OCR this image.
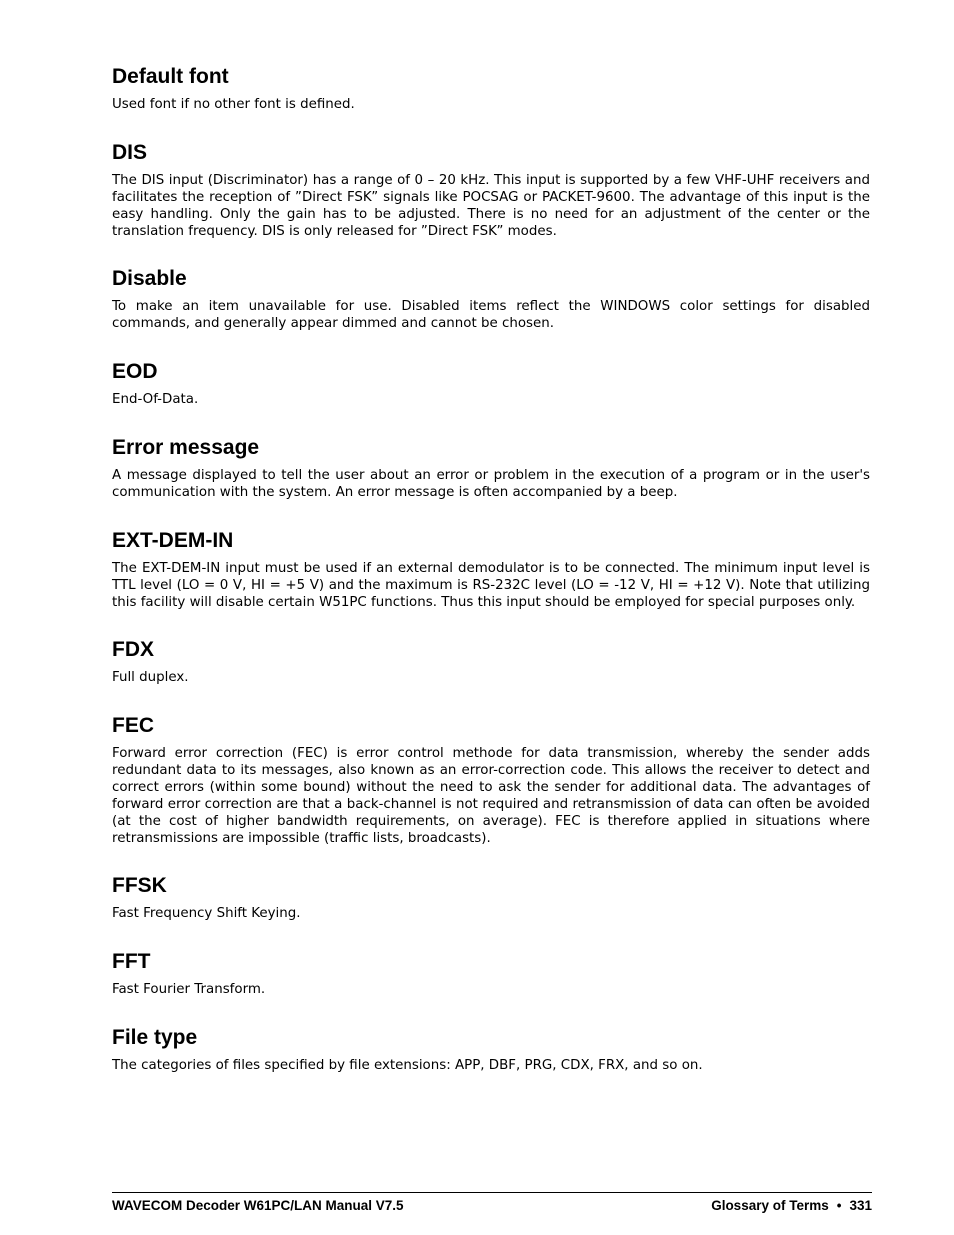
Default font

Used font if no other font is defined.

DIS

The DIS input (Discriminator) has a range of 0 – 20 kHz. This input is supported by a few VHF-UHF receivers and facilitates the reception of ”Direct FSK” signals like POCSAG or PACKET-9600. The advantage of this input is the easy handling. Only the gain has to be adjusted. There is no need for an adjustment of the center or the translation frequency. DIS is only released for ”Direct FSK” modes.

Disable

To make an item unavailable for use. Disabled items reflect the WINDOWS color settings for disabled commands, and generally appear dimmed and cannot be chosen.

EOD

End-Of-Data.

Error message

A message displayed to tell the user about an error or problem in the execution of a program or in the user's communication with the system. An error message is often accompanied by a beep.

EXT-DEM-IN

The EXT-DEM-IN input must be used if an external demodulator is to be connected. The minimum input level is TTL level (LO = 0 V, HI = +5 V) and the maximum is RS-232C level (LO = -12 V, HI = +12 V). Note that utilizing this facility will disable certain W51PC functions. Thus this input should be employed for special purposes only.

FDX

Full duplex.

FEC

Forward error correction (FEC) is error control methode for data transmission, whereby the sender adds redundant data to its messages, also known as an error-correction code. This allows the receiver to detect and correct errors (within some bound) without the need to ask the sender for additional data. The advantages of forward error correction are that a back-channel is not required and retransmission of data can often be avoided (at the cost of higher bandwidth requirements, on average). FEC is therefore applied in situations where retransmissions are impossible (traffic lists, broadcasts).

FFSK

Fast Frequency Shift Keying.

FFT

Fast Fourier Transform.

File type

The categories of files specified by file extensions: APP, DBF, PRG, CDX, FRX, and so on.

WAVECOM Decoder W61PC/LAN Manual V7.5	Glossary of Terms • 331
